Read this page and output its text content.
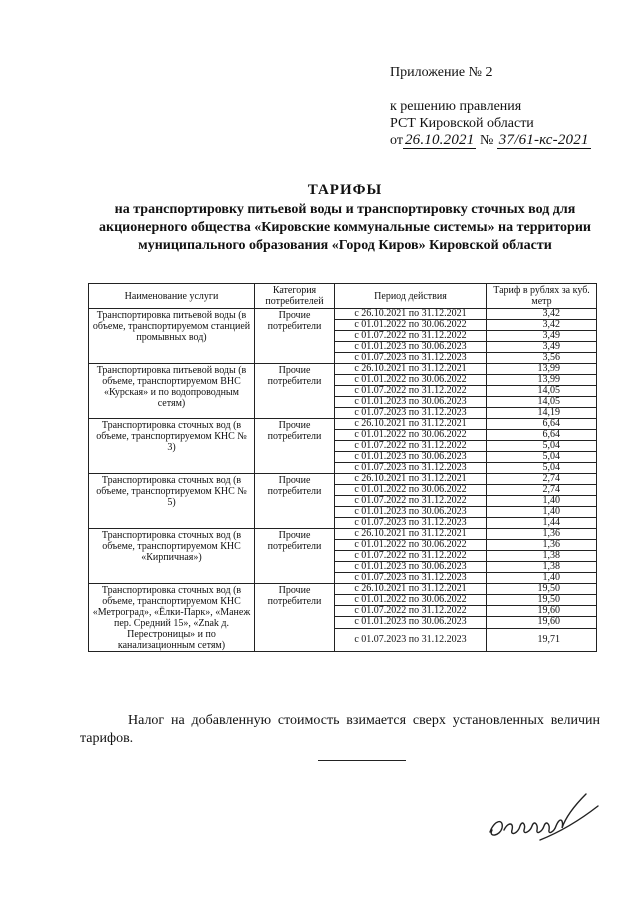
Приложение № 2
к решению правления
РСТ Кировской области
от 26.10.2021 № 37/61-кс-2021
ТАРИФЫ
на транспортировку питьевой воды и транспортировку сточных вод для акционерного общества «Кировские коммунальные системы» на территории муниципального образования «Город Киров» Кировской области
Наименование услуги	Категория потребителей	Период действия	Тариф в рублях за куб. метр
Транспортировка питьевой воды (в объеме, транспортируемом станцией промывных вод)	Прочие потребители	с 26.10.2021 по 31.12.2021	3,42
		с 01.01.2022 по 30.06.2022	3,42
		с 01.07.2022 по 31.12.2022	3,49
		с 01.01.2023 по 30.06.2023	3,49
		с 01.07.2023 по 31.12.2023	3,56
Транспортировка питьевой воды (в объеме, транспортируемом ВНС «Курская» и по водопроводным сетям)	Прочие потребители	с 26.10.2021 по 31.12.2021	13,99
		с 01.01.2022 по 30.06.2022	13,99
		с 01.07.2022 по 31.12.2022	14,05
		с 01.01.2023 по 30.06.2023	14,05
		с 01.07.2023 по 31.12.2023	14,19
Транспортировка сточных вод (в объеме, транспортируемом КНС № 3)	Прочие потребители	с 26.10.2021 по 31.12.2021	6,64
		с 01.01.2022 по 30.06.2022	6,64
		с 01.07.2022 по 31.12.2022	5,04
		с 01.01.2023 по 30.06.2023	5,04
		с 01.07.2023 по 31.12.2023	5,04
Транспортировка сточных вод (в объеме, транспортируемом КНС № 5)	Прочие потребители	с 26.10.2021 по 31.12.2021	2,74
		с 01.01.2022 по 30.06.2022	2,74
		с 01.07.2022 по 31.12.2022	1,40
		с 01.01.2023 по 30.06.2023	1,40
		с 01.07.2023 по 31.12.2023	1,44
Транспортировка сточных вод (в объеме, транспортируемом КНС «Кирпичная»)	Прочие потребители	с 26.10.2021 по 31.12.2021	1,36
		с 01.01.2022 по 30.06.2022	1,36
		с 01.07.2022 по 31.12.2022	1,38
		с 01.01.2023 по 30.06.2023	1,38
		с 01.07.2023 по 31.12.2023	1,40
Транспортировка сточных вод (в объеме, транспортируемом КНС «Метроград», «Ёлки-Парк», «Манеж пер. Средний 15», «Znak д. Перестроницы» и по канализационным сетям)	Прочие потребители	с 26.10.2021 по 31.12.2021	19,50
		с 01.01.2022 по 30.06.2022	19,50
		с 01.07.2022 по 31.12.2022	19,60
		с 01.01.2023 по 30.06.2023	19,60
		с 01.07.2023 по 31.12.2023	19,71
Налог на добавленную стоимость взимается сверх установленных величин тарифов.
